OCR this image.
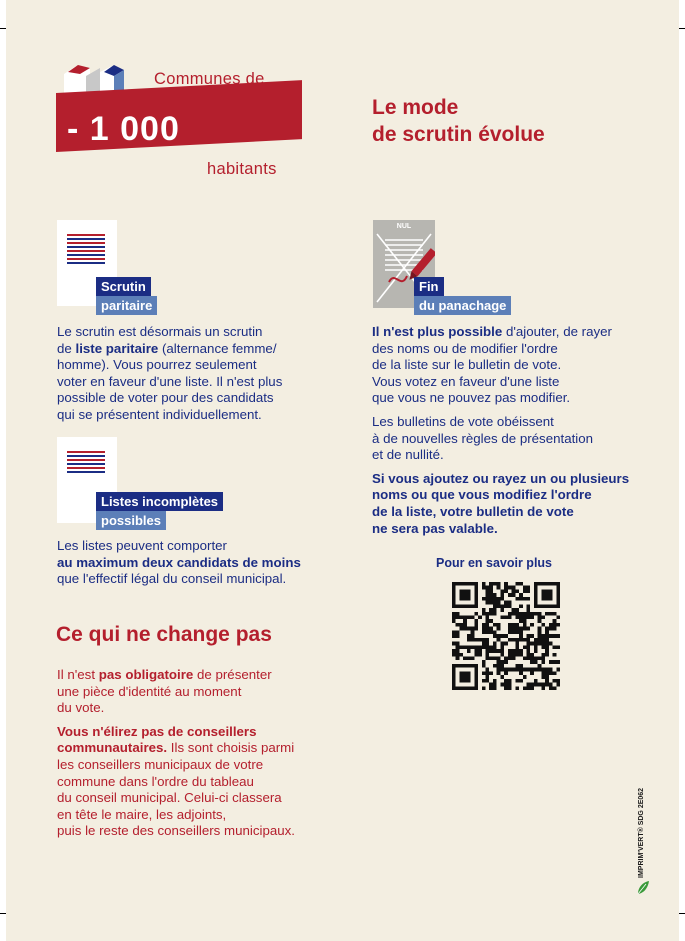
Communes de
- 1 000
habitants
Le mode
de scrutin évolue
Scrutin
paritaire

Le scrutin est désormais un scrutin

de liste paritaire (alternance femme/

homme). Vous pourrez seulement

voter en faveur d'une liste. Il n'est plus

possible de voter pour des candidats

qui se présentent individuellement.

Listes incomplètes
possibles

Les listes peuvent comporter

au maximum deux candidats de moins

que l'effectif légal du conseil municipal.

NUL
Fin
du panachage

Il n'est plus possible d'ajouter, de rayer

des noms ou de modifier l'ordre

de la liste sur le bulletin de vote.

Vous votez en faveur d'une liste

que vous ne pouvez pas modifier.

Les bulletins de vote obéissent

à de nouvelles règles de présentation

et de nullité.

Si vous ajoutez ou rayez un ou plusieurs

noms ou que vous modifiez l'ordre

de la liste, votre bulletin de vote

ne sera pas valable.

Pour en savoir plus
Ce qui ne change pas

Il n'est pas obligatoire de présenter

une pièce d'identité au moment

du vote.

Vous n'élirez pas de conseillers

communautaires. Ils sont choisis parmi

les conseillers municipaux de votre

commune dans l'ordre du tableau

du conseil municipal. Celui-ci classera

en tête le maire, les adjoints,

puis le reste des conseillers municipaux.	IMPRIM'VERT® SDG 2E062
